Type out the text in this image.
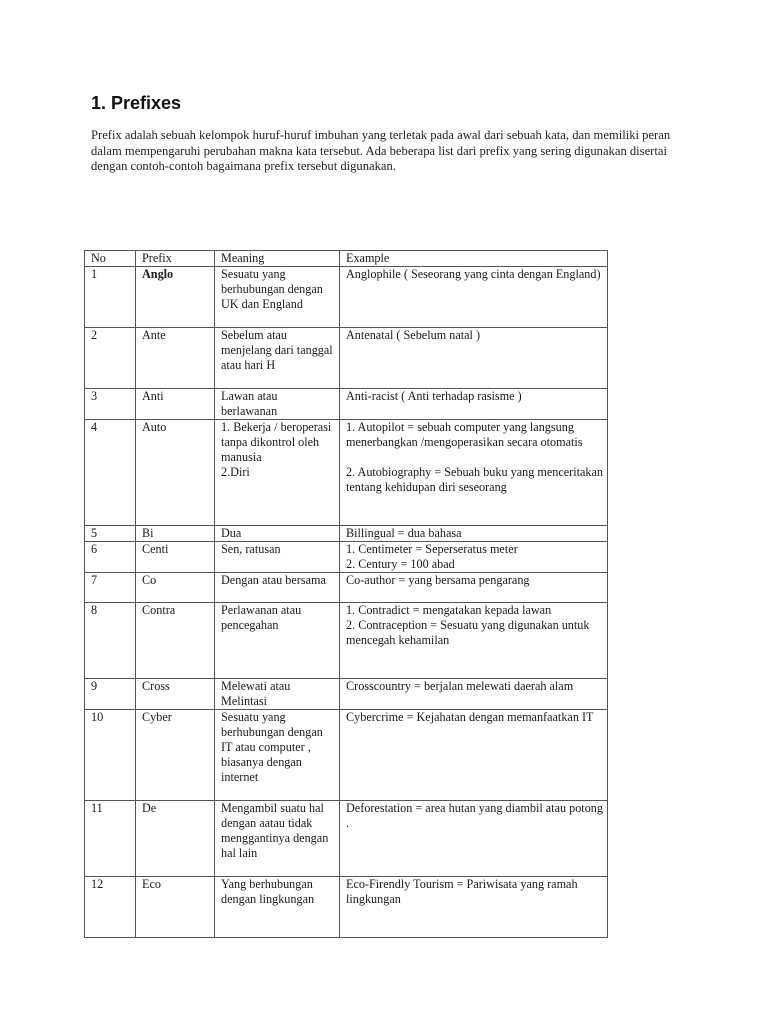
1. Prefixes

Prefix adalah sebuah kelompok huruf-huruf imbuhan yang terletak pada awal dari sebuah kata, dan memiliki peran dalam mempengaruhi perubahan makna kata tersebut. Ada beberapa list dari prefix yang sering digunakan disertai dengan contoh-contoh bagaimana prefix tersebut digunakan.

No	Prefix	Meaning	Example
1	Anglo	Sesuatu yang berhubungan dengan UK dan England	Anglophile ( Seseorang yang cinta dengan England)

2	Ante	Sebelum atau menjelang dari tanggal atau hari H	Antenatal ( Sebelum natal )

3	Anti	Lawan atau berlawanan	Anti-racist ( Anti terhadap rasisme )

4	Auto	1. Bekerja / beroperasi tanpa dikontrol oleh manusia
2.Diri	1. Autopilot = sebuah computer yang langsung menerbangkan /mengoperasikan secara otomatis
2. Autobiography = Sebuah buku yang menceritakan tentang kehidupan diri seseorang

5	Bi	Dua	Billingual = dua bahasa

6	Centi	Sen, ratusan	1. Centimeter = Seperseratus meter
2. Century = 100 abad

7	Co	Dengan atau bersama	Co-author = yang bersama pengarang

8	Contra	Perlawanan atau pencegahan	1. Contradict = mengatakan kepada lawan
2. Contraception = Sesuatu yang digunakan untuk mencegah kehamilan

9	Cross	Melewati atau Melintasi	Crosscountry = berjalan melewati daerah alam

10	Cyber	Sesuatu yang berhubungan dengan IT atau computer , biasanya dengan internet	Cybercrime = Kejahatan dengan memanfaatkan IT

11	De	Mengambil suatu hal dengan aatau tidak menggantinya dengan hal lain	Deforestation = area hutan yang diambil atau potong .

12	Eco	Yang berhubungan dengan lingkungan	Eco-Firendly Tourism = Pariwisata yang ramah lingkungan
